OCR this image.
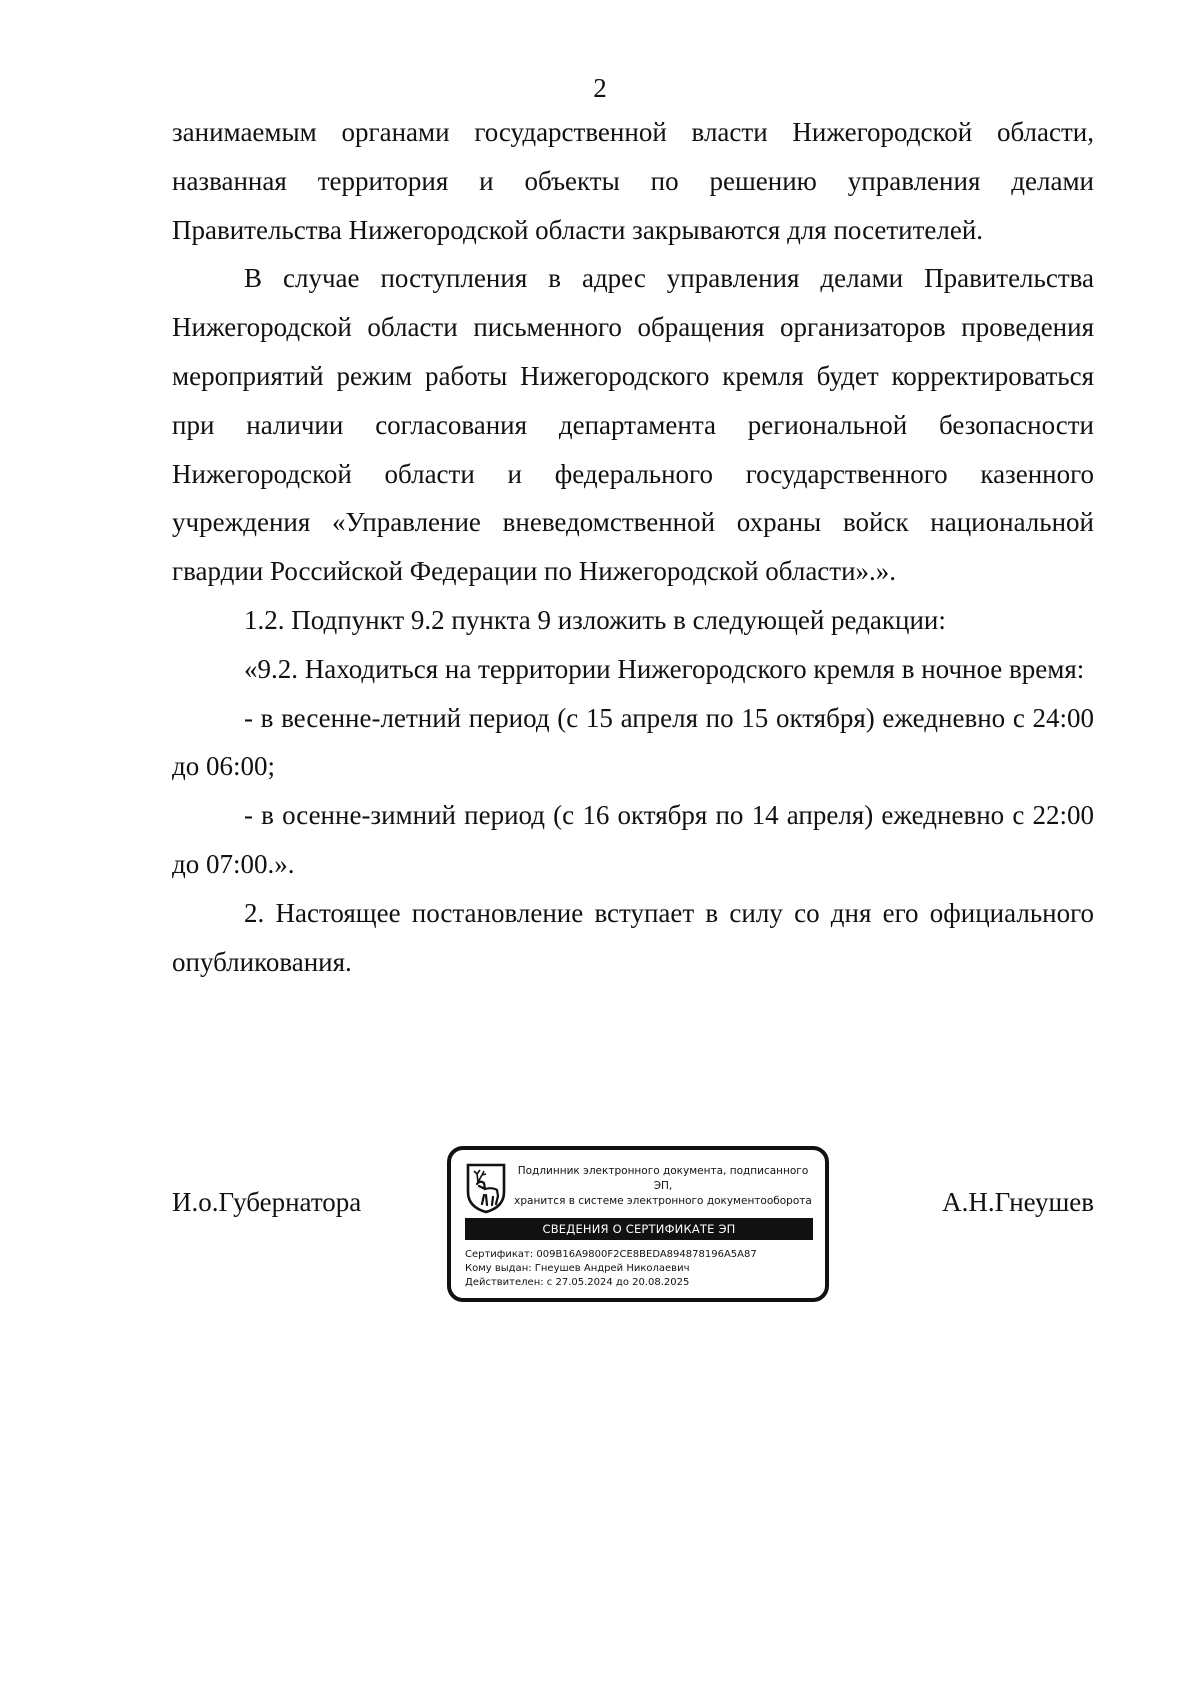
2

занимаемым органами государственной власти Нижегородской области, названная территория и объекты по решению управления делами Правительства Нижегородской области закрываются для посетителей.

В случае поступления в адрес управления делами Правительства Нижегородской области письменного обращения организаторов проведения мероприятий режим работы Нижегородского кремля будет корректироваться при наличии согласования департамента региональной безопасности Нижегородской области и федерального государственного казенного учреждения «Управление вневедомственной охраны войск национальной гвардии Российской Федерации по Нижегородской области».».

1.2. Подпункт 9.2 пункта 9 изложить в следующей редакции:

«9.2. Находиться на территории Нижегородского кремля в ночное время:

- в весенне-летний период (с 15 апреля по 15 октября) ежедневно с 24:00 до 06:00;

- в осенне-зимний период (с 16 октября по 14 апреля) ежедневно с 22:00 до 07:00.».

2. Настоящее постановление вступает в силу со дня его официального опубликования.

И.о.Губернатора
Подлинник электронного документа, подписанного ЭП,
хранится в системе электронного документооборота
СВЕДЕНИЯ О СЕРТИФИКАТЕ ЭП
Сертификат: 009B16A9800F2CE8BEDA894878196A5A87
Кому выдан: Гнеушев Андрей Николаевич
Действителен: с 27.05.2024 до 20.08.2025
А.Н.Гнеушев
